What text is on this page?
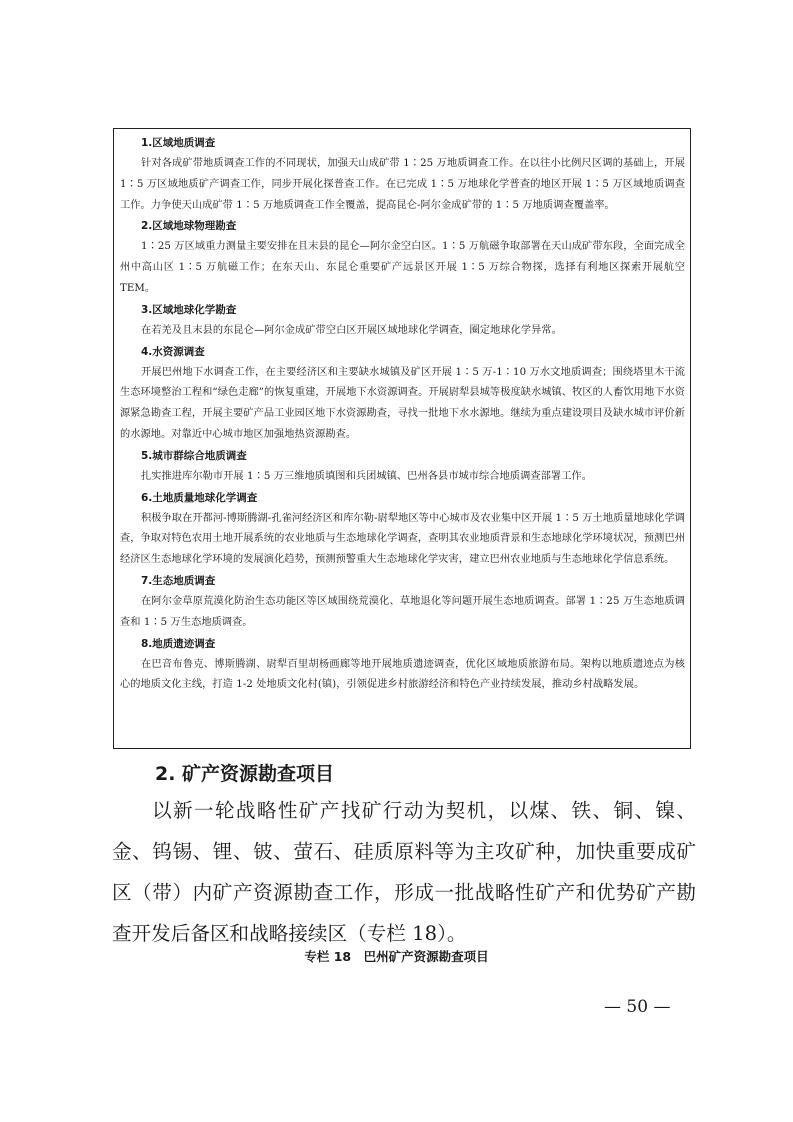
1.区域地质调查

针对各成矿带地质调查工作的不同现状，加强天山成矿带 1∶25 万地质调查工作。在以往小比例尺区调的基础上，开展 1∶5 万区域地质矿产调查工作，同步开展化探普查工作。在已完成 1∶5 万地球化学普查的地区开展 1∶5 万区域地质调查工作。力争使天山成矿带 1∶5 万地质调查工作全覆盖，提高昆仑-阿尔金成矿带的 1∶5 万地质调查覆盖率。

2.区域地球物理勘查

1∶25 万区域重力测量主要安排在且末县的昆仑—阿尔金空白区。1∶5 万航磁争取部署在天山成矿带东段，全面完成全州中高山区 1∶5 万航磁工作；在东天山、东昆仑重要矿产远景区开展 1∶5 万综合物探，选择有利地区探索开展航空 TEM。

3.区域地球化学勘查

在若羌及且末县的东昆仑—阿尔金成矿带空白区开展区域地球化学调查，圈定地球化学异常。

4.水资源调查

开展巴州地下水调查工作，在主要经济区和主要缺水城镇及矿区开展 1∶5 万-1∶10 万水文地质调查；围绕塔里木干流生态环境整治工程和“绿色走廊”的恢复重建，开展地下水资源调查。开展尉犁县城等极度缺水城镇、牧区的人畜饮用地下水资源紧急勘查工程，开展主要矿产品工业园区地下水资源勘查，寻找一批地下水水源地。继续为重点建设项目及缺水城市评价新的水源地。对靠近中心城市地区加强地热资源勘查。

5.城市群综合地质调查

扎实推进库尔勒市开展 1∶5 万三维地质填图和兵团城镇、巴州各县市城市综合地质调查部署工作。

6.土地质量地球化学调查

积极争取在开都河-博斯腾湖-孔雀河经济区和库尔勒-尉犁地区等中心城市及农业集中区开展 1∶5 万土地质量地球化学调查，争取对特色农用土地开展系统的农业地质与生态地球化学调查，查明其农业地质背景和生态地球化学环境状况，预测巴州经济区生态地球化学环境的发展演化趋势，预测预警重大生态地球化学灾害，建立巴州农业地质与生态地球化学信息系统。

7.生态地质调查

在阿尔金草原荒漠化防治生态功能区等区域围绕荒漠化、草地退化等问题开展生态地质调查。部署 1∶25 万生态地质调查和 1∶5 万生态地质调查。

8.地质遗迹调查

在巴音布鲁克、博斯腾湖、尉犁百里胡杨画廊等地开展地质遗迹调查，优化区域地质旅游布局。架构以地质遗迹点为核心的地质文化主线，打造 1-2 处地质文化村(镇)，引领促进乡村旅游经济和特色产业持续发展，推动乡村战略发展。

2. 矿产资源勘查项目

以新一轮战略性矿产找矿行动为契机，以煤、铁、铜、镍、金、钨锡、锂、铍、萤石、硅质原料等为主攻矿种，加快重要成矿区（带）内矿产资源勘查工作，形成一批战略性矿产和优势矿产勘查开发后备区和战略接续区（专栏 18）。

专栏 18　巴州矿产资源勘查项目
— 50 —
